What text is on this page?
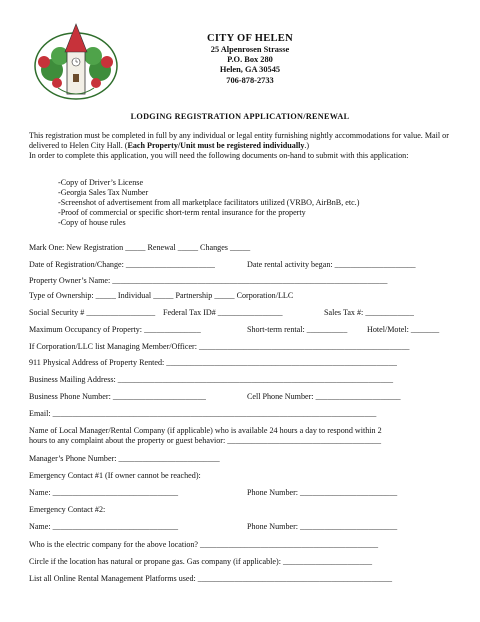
CITY OF HELEN
25 Alpenrosen Strasse
P.O. Box 280
Helen, GA 30545
706-878-2733
LODGING REGISTRATION APPLICATION/RENEWAL
This registration must be completed in full by any individual or legal entity furnishing nightly accommodations for value. Mail or delivered to Helen City Hall. (Each Property/Unit must be registered individually.)
In order to complete this application, you will need the following documents on-hand to submit with this application:
-Copy of Driver’s License
-Georgia Sales Tax Number
-Screenshot of advertisement from all marketplace facilitators utilized (VRBO, AirBnB, etc.)
-Proof of commercial or specific short-term rental insurance for the property
-Copy of house rules
Mark One: New Registration _____ Renewal _____ Changes _____
Date of Registration/Change: ______________________	Date rental activity began: ____________________
Property Owner’s Name: ____________________________________________________________________
Type of Ownership: _____ Individual _____ Partnership _____ Corporation/LLC
Social Security # _________________ Federal Tax ID# ________________	Sales Tax #: ____________
Maximum Occupancy of Property: ______________	Short-term rental: __________ Hotel/Motel: _______
If Corporation/LLC list Managing Member/Officer: ____________________________________________________
911 Physical Address of Property Rented: _________________________________________________________
Business Mailing Address: ____________________________________________________________________
Business Phone Number: _______________________	Cell Phone Number: _____________________
Email: ________________________________________________________________________________
Name of Local Manager/Rental Company (if applicable) who is available 24 hours a day to respond within 2
hours to any complaint about the property or guest behavior: ______________________________________
Manager’s Phone Number: _________________________
Emergency Contact #1 (If owner cannot be reached):
Name: _______________________________	Phone Number: ________________________
Emergency Contact #2:
Name: _______________________________	Phone Number: ________________________
Who is the electric company for the above location? ____________________________________________
Circle if the location has natural or propane gas. Gas company (if applicable): ______________________
List all Online Rental Management Platforms used: ________________________________________________
